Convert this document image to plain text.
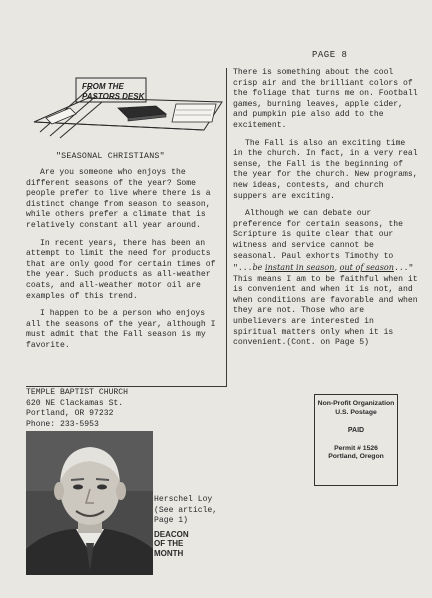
PAGE 8
FROM THE
PASTORS DESK
"SEASONAL CHRISTIANS"

Are you someone who enjoys the different seasons of the year? Some people prefer to live where there is a distinct change from season to season, while others prefer a climate that is relatively constant all year around.

In recent years, there has been an attempt to limit the need for products that are only good for certain times of the year. Such products as all-weather coats, and all-weather motor oil are examples of this trend.

I happen to be a person who enjoys all the seasons of the year, although I must admit that the Fall season is my favorite.

There is something about the cool crisp air and the brilliant colors of the foliage that turns me on. Football games, burning leaves, apple cider, and pumpkin pie also add to the excitement.

The Fall is also an exciting time in the church. In fact, in a very real sense, the Fall is the beginning of the year for the church. New programs, new ideas, contests, and church suppers are exciting.

Although we can debate our preference for certain seasons, the Scripture is quite clear that our witness and service cannot be seasonal. Paul exhorts Timothy to "...be instant in season, out of season..." This means I am to be faithful when it is convenient and when it is not, and when conditions are favorable and when they are not. Those who are unbelievers are interested in spiritual matters only when it is convenient.(Cont. on Page 5)

TEMPLE BAPTIST CHURCH
620 NE Clackamas St.
Portland, OR 97232
Phone: 233-5953
Herschel Loy
(See article,
Page 1)
DEACON
OF THE
MONTH
Non-Profit Organization
U.S. Postage
PAID
Permit # 1526
Portland, Oregon
